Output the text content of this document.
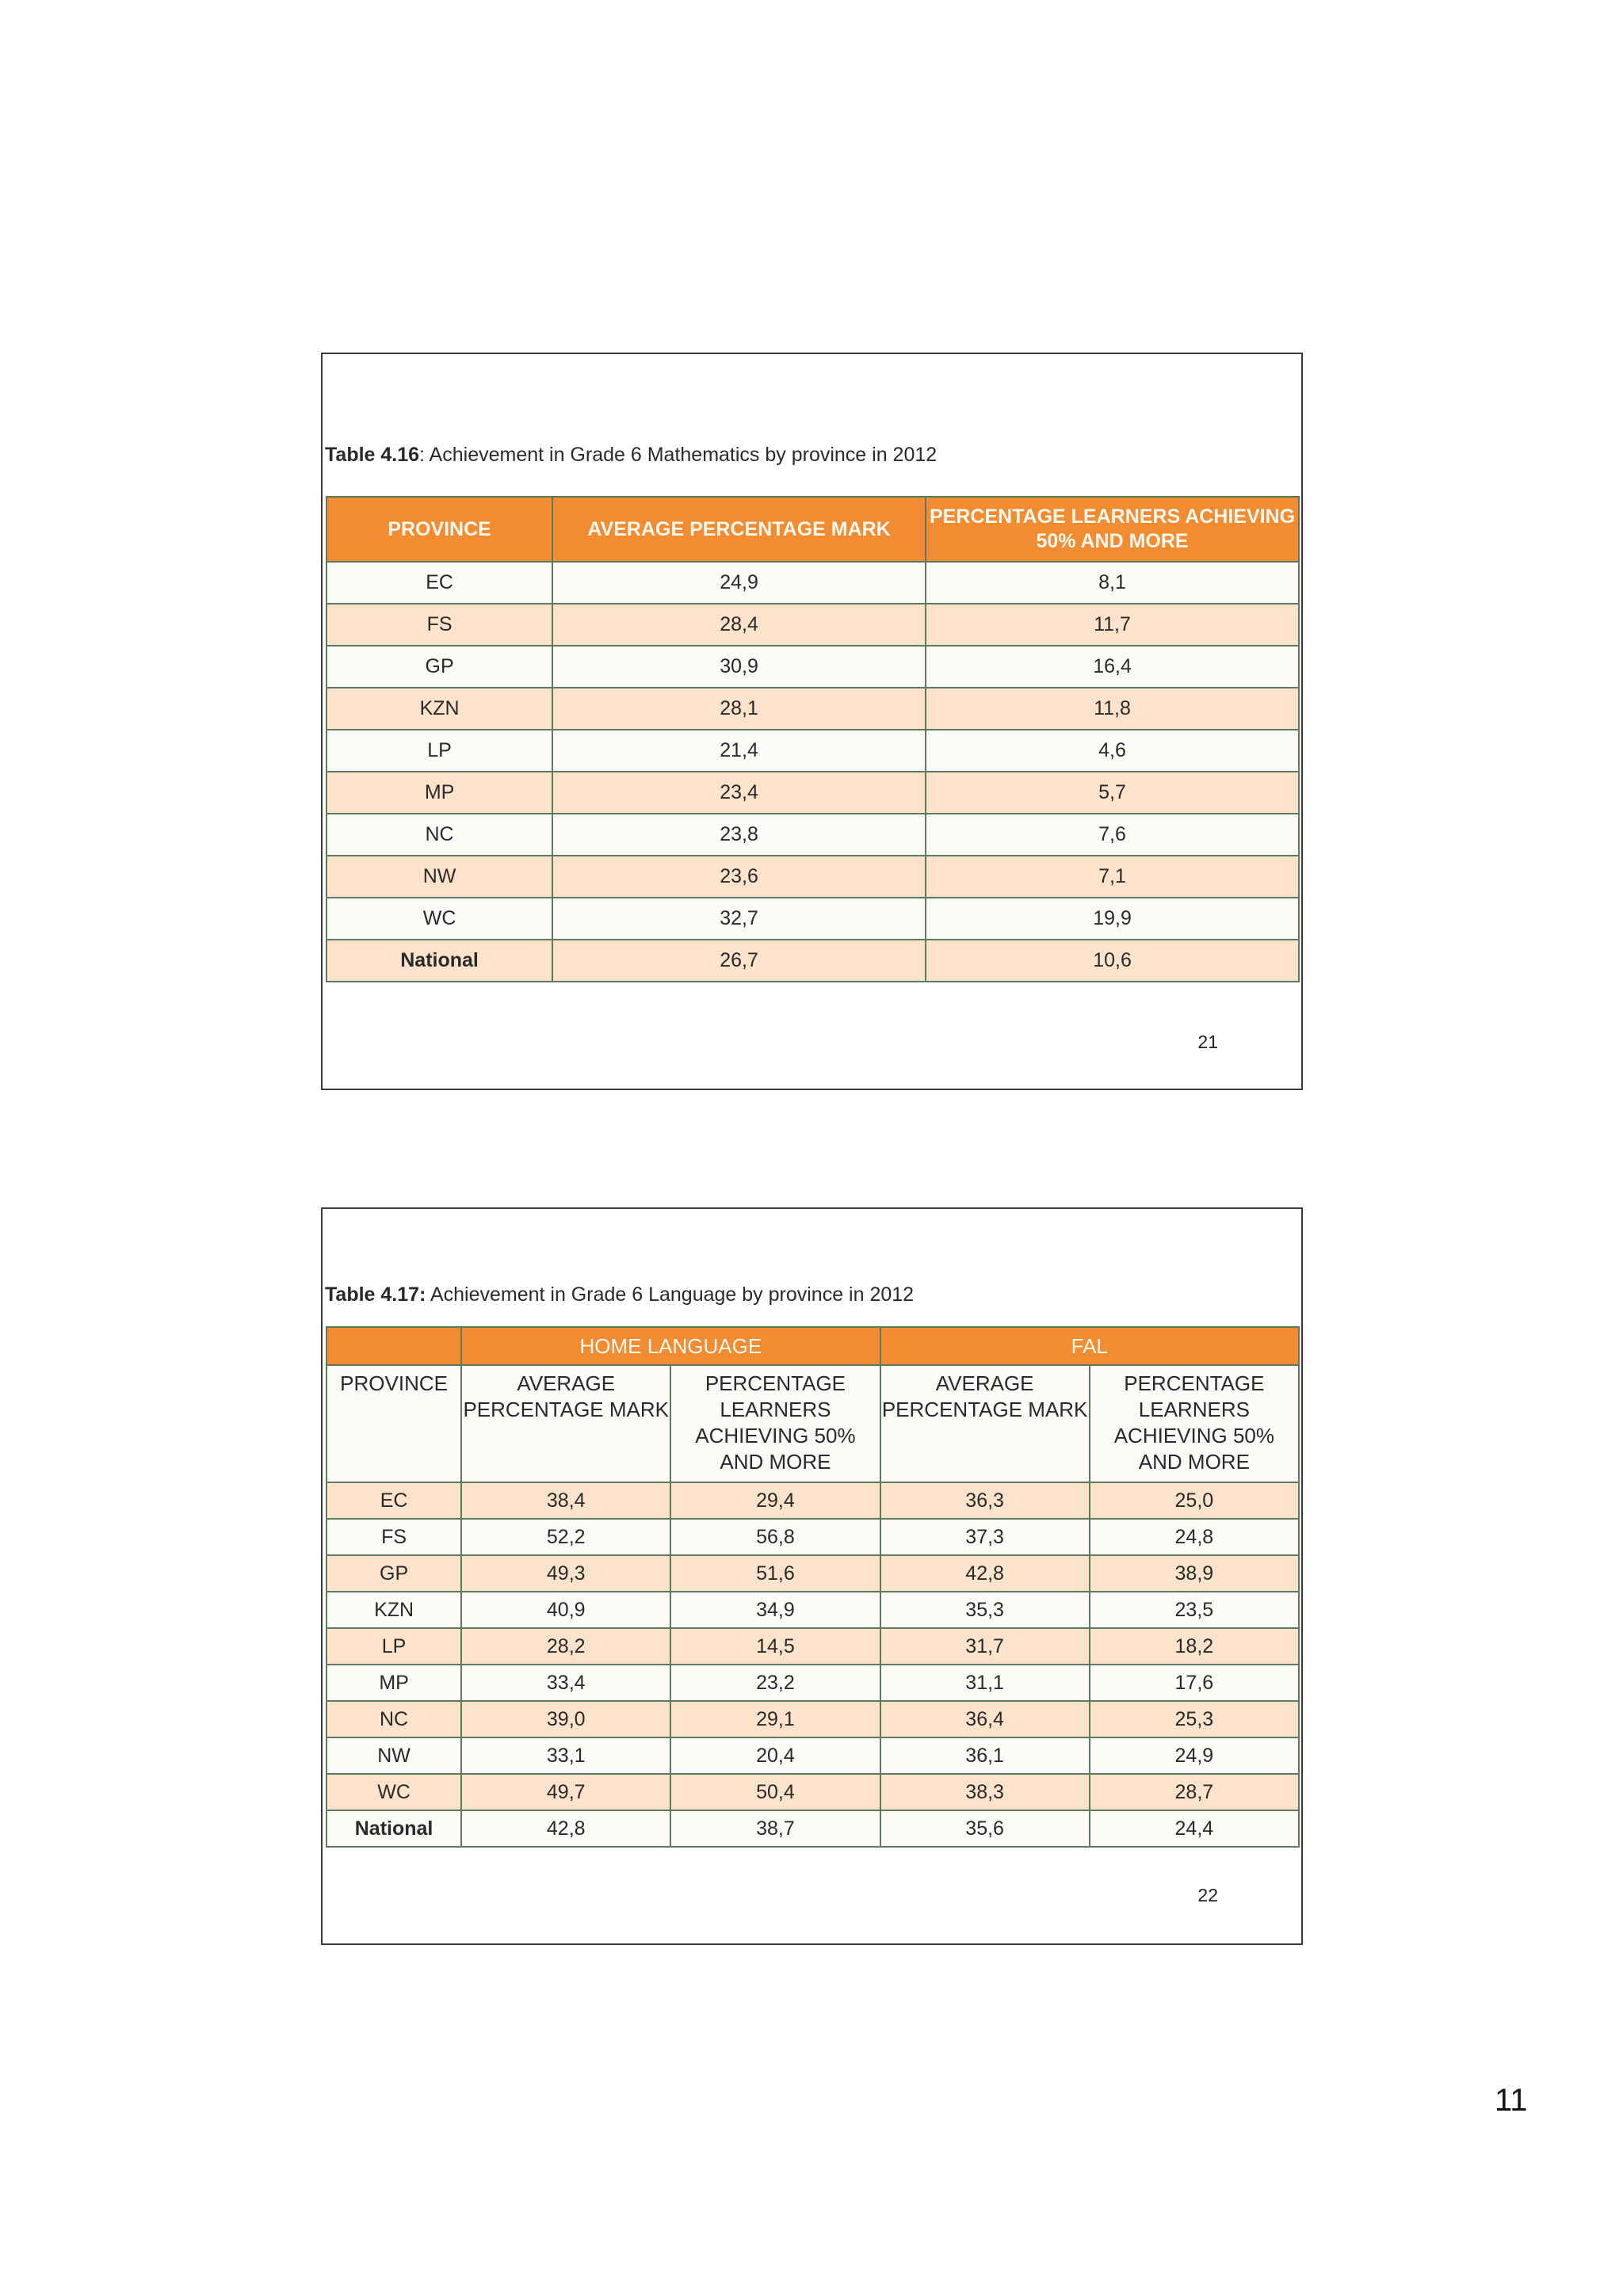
Table 4.16: Achievement in Grade 6 Mathematics by province in 2012
PROVINCE	AVERAGE PERCENTAGE MARK	PERCENTAGE LEARNERS ACHIEVING 50% AND MORE
EC	24,9	8,1
FS	28,4	11,7
GP	30,9	16,4
KZN	28,1	11,8
LP	21,4	4,6
MP	23,4	5,7
NC	23,8	7,6
NW	23,6	7,1
WC	32,7	19,9
National	26,7	10,6
21
Table 4.17: Achievement in Grade 6 Language by province in 2012
	HOME LANGUAGE		FAL	
PROVINCE	AVERAGE PERCENTAGE MARK	PERCENTAGE LEARNERS ACHIEVING 50% AND MORE	AVERAGE PERCENTAGE MARK	PERCENTAGE LEARNERS ACHIEVING 50% AND MORE
EC	38,4	29,4	36,3	25,0
FS	52,2	56,8	37,3	24,8
GP	49,3	51,6	42,8	38,9
KZN	40,9	34,9	35,3	23,5
LP	28,2	14,5	31,7	18,2
MP	33,4	23,2	31,1	17,6
NC	39,0	29,1	36,4	25,3
NW	33,1	20,4	36,1	24,9
WC	49,7	50,4	38,3	28,7
National	42,8	38,7	35,6	24,4
22
11
